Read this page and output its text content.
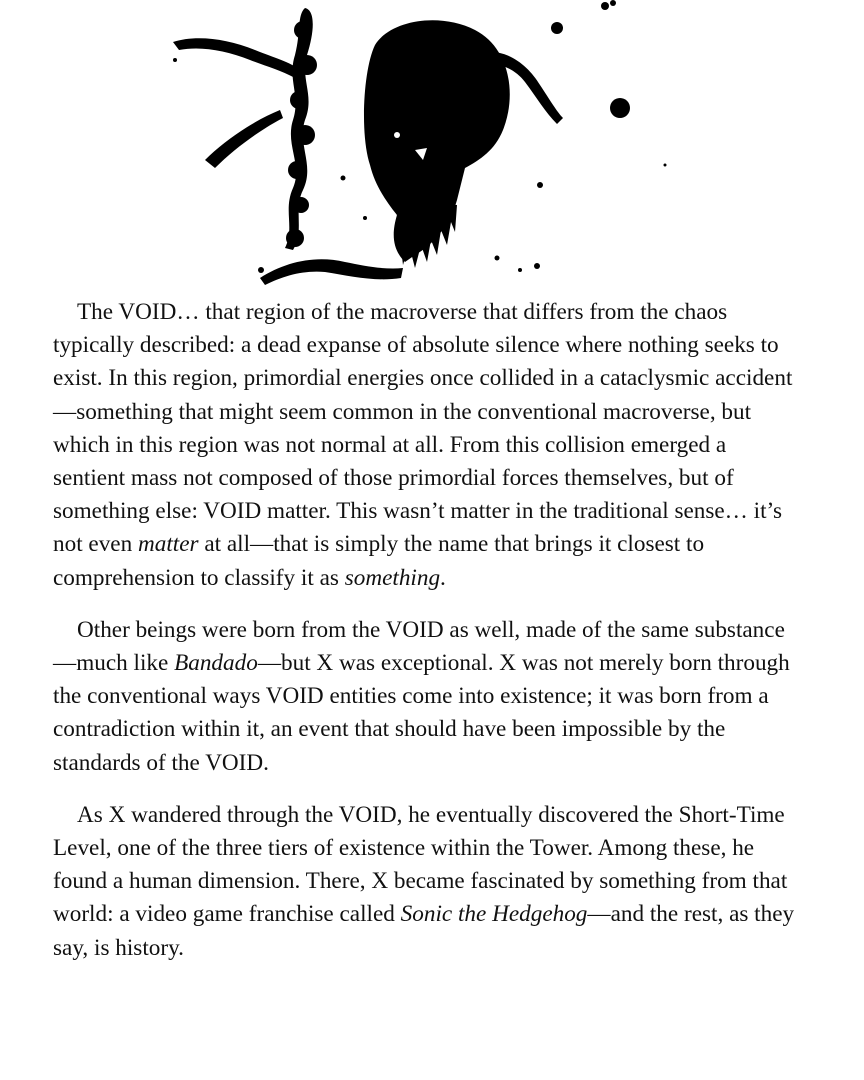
The VOID… that region of the macroverse that differs from the chaos typically described: a dead expanse of absolute silence where nothing seeks to exist. In this region, primordial energies once collided in a cataclysmic accident—something that might seem common in the conventional macroverse, but which in this region was not normal at all. From this collision emerged a sentient mass not composed of those primordial forces themselves, but of something else: VOID matter. This wasn’t matter in the traditional sense… it’s not even matter at all—that is simply the name that brings it closest to comprehension to classify it as something.

Other beings were born from the VOID as well, made of the same substance—much like Bandado—but X was exceptional. X was not merely born through the conventional ways VOID entities come into existence; it was born from a contradiction within it, an event that should have been impossible by the standards of the VOID.

As X wandered through the VOID, he eventually discovered the Short-Time Level, one of the three tiers of existence within the Tower. Among these, he found a human dimension. There, X became fascinated by something from that world: a video game franchise called Sonic the Hedgehog—and the rest, as they say, is history.
